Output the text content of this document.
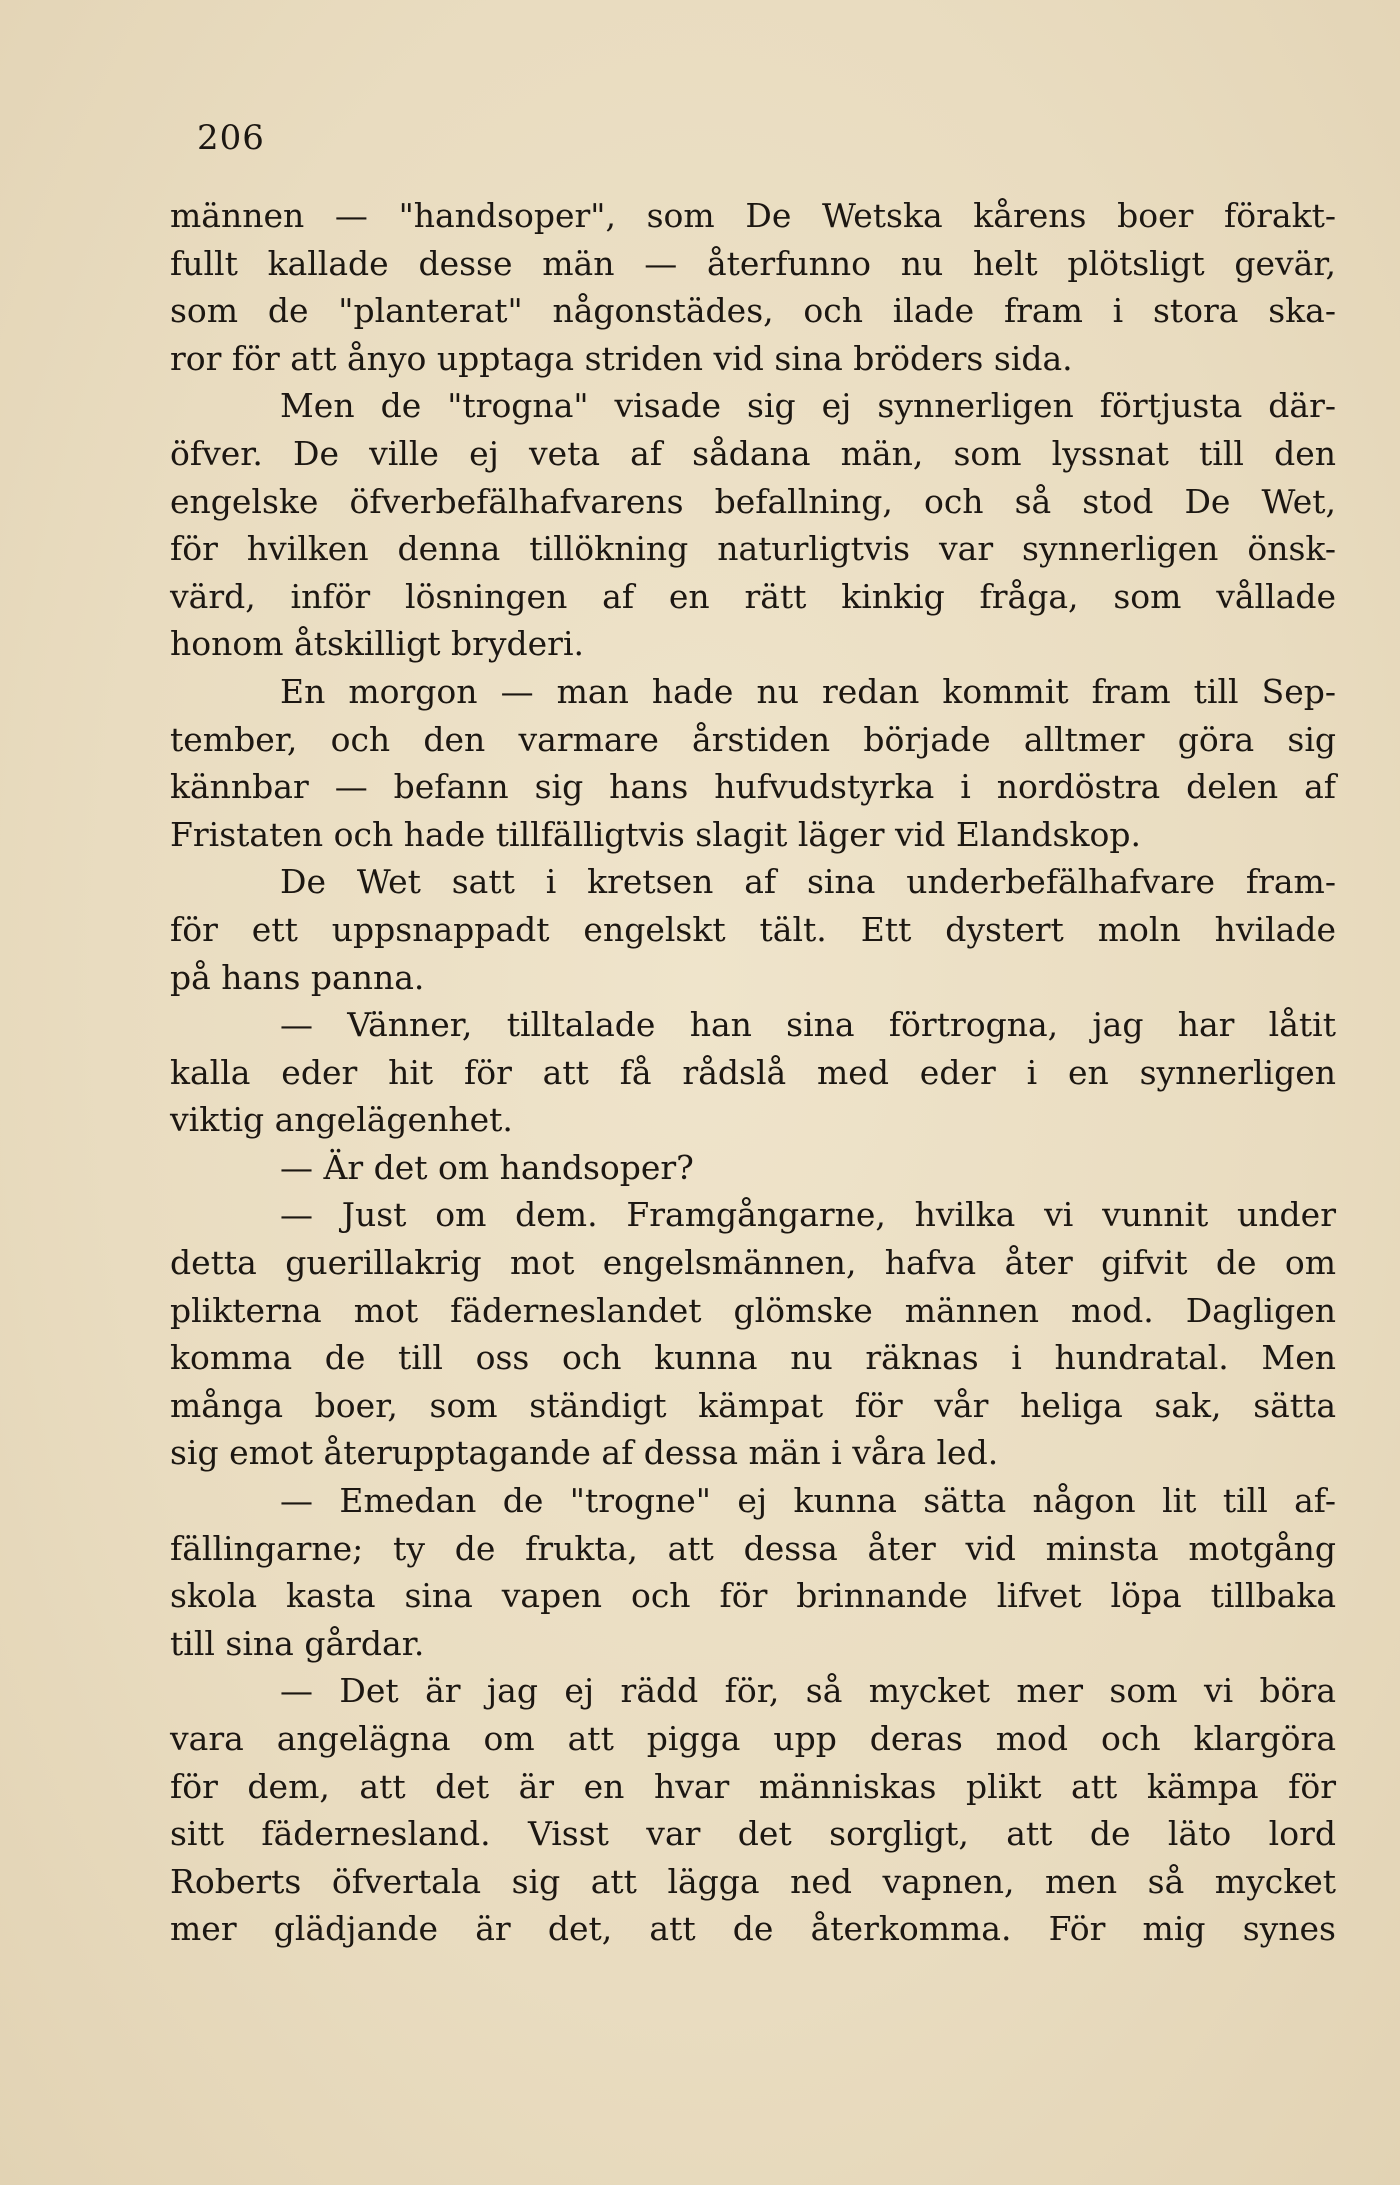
206
männen — "handsoper", som De Wetska kårens boer förakt-
fullt kallade desse män — återfunno nu helt plötsligt gevär,
som de "planterat" någonstädes, och ilade fram i stora ska-
ror för att ånyo upptaga striden vid sina bröders sida.
Men de "trogna" visade sig ej synnerligen förtjusta där-
öfver. De ville ej veta af sådana män, som lyssnat till den
engelske öfverbefälhafvarens befallning, och så stod De Wet,
för hvilken denna tillökning naturligtvis var synnerligen önsk-
värd, inför lösningen af en rätt kinkig fråga, som vållade
honom åtskilligt bryderi.
En morgon — man hade nu redan kommit fram till Sep-
tember, och den varmare årstiden började alltmer göra sig
kännbar — befann sig hans hufvudstyrka i nordöstra delen af
Fristaten och hade tillfälligtvis slagit läger vid Elandskop.
De Wet satt i kretsen af sina underbefälhafvare fram-
för ett uppsnappadt engelskt tält. Ett dystert moln hvilade
på hans panna.
— Vänner, tilltalade han sina förtrogna, jag har låtit
kalla eder hit för att få rådslå med eder i en synnerligen
viktig angelägenhet.
— Är det om handsoper?
— Just om dem. Framgångarne, hvilka vi vunnit under
detta guerillakrig mot engelsmännen, hafva åter gifvit de om
plikterna mot fäderneslandet glömske männen mod. Dagligen
komma de till oss och kunna nu räknas i hundratal. Men
många boer, som ständigt kämpat för vår heliga sak, sätta
sig emot återupptagande af dessa män i våra led.
— Emedan de "trogne" ej kunna sätta någon lit till af-
fällingarne; ty de frukta, att dessa åter vid minsta motgång
skola kasta sina vapen och för brinnande lifvet löpa tillbaka
till sina gårdar.
— Det är jag ej rädd för, så mycket mer som vi böra
vara angelägna om att pigga upp deras mod och klargöra
för dem, att det är en hvar människas plikt att kämpa för
sitt fäderneslаnd. Visst var det sorgligt, att de läto lord
Roberts öfvertala sig att lägga ned vapnen, men så mycket
mer glädjande är det, att de återkomma. För mig synes
